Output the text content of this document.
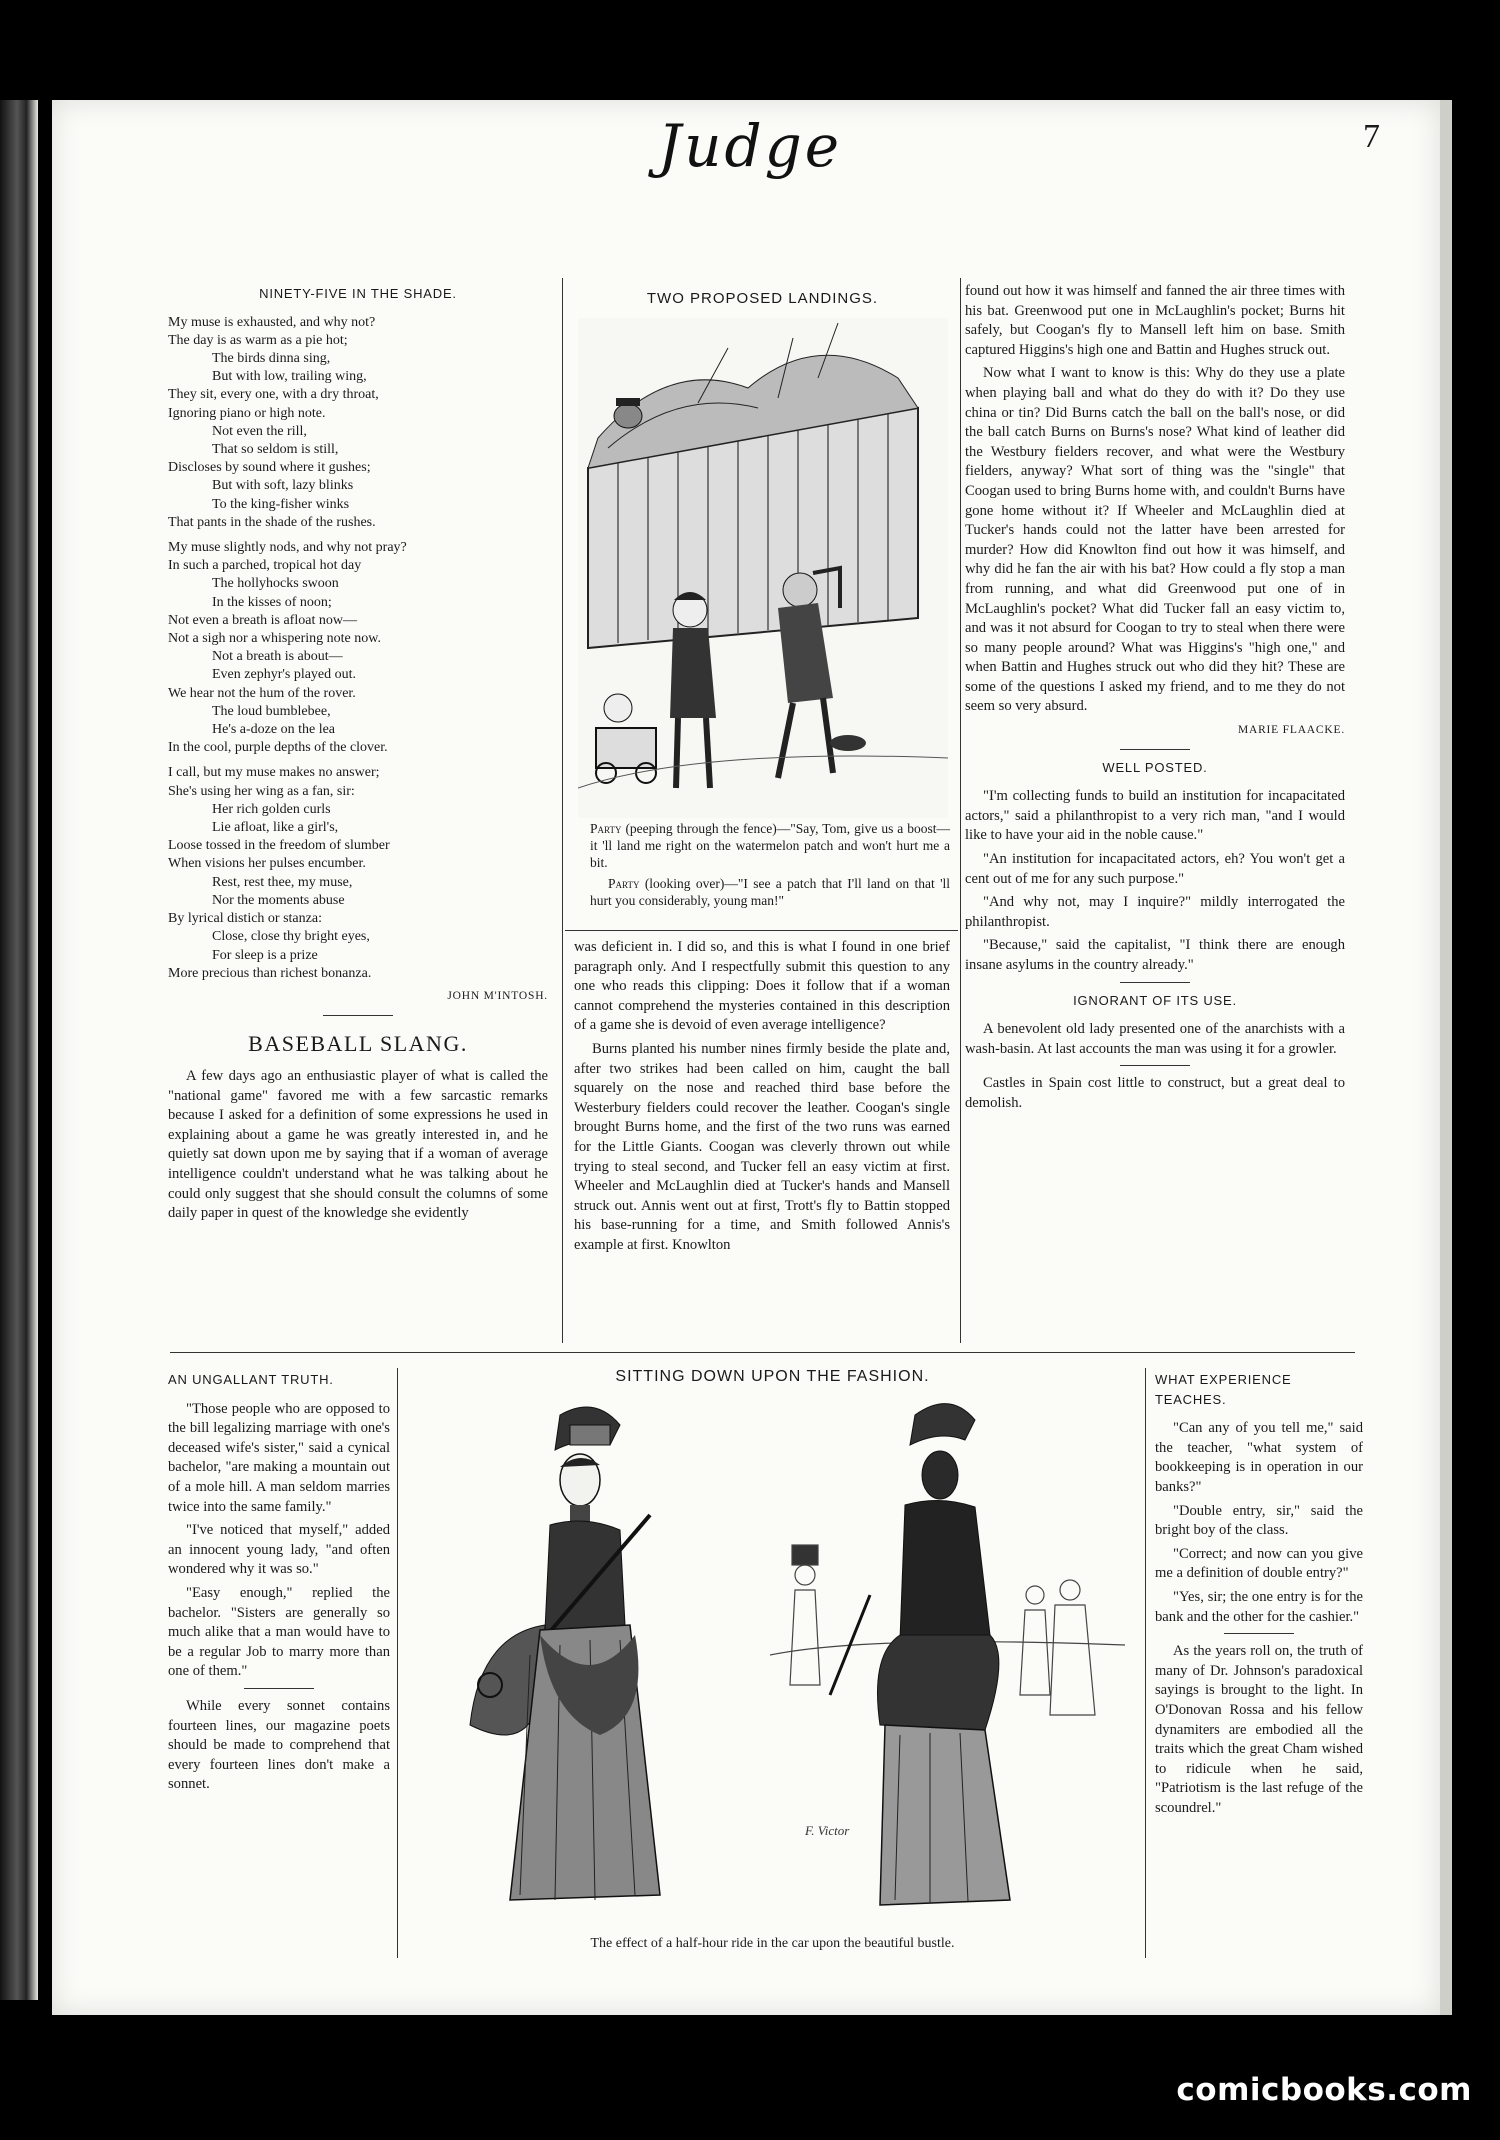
Judge	7
NINETY-FIVE IN THE SHADE.
My muse is exhausted, and why not?
The day is as warm as a pie hot;
The birds dinna sing,
But with low, trailing wing,
They sit, every one, with a dry throat,
Ignoring piano or high note.
Not even the rill,
That so seldom is still,
Discloses by sound where it gushes;
But with soft, lazy blinks
To the king-fisher winks
That pants in the shade of the rushes.
My muse slightly nods, and why not pray?
In such a parched, tropical hot day
The hollyhocks swoon
In the kisses of noon;
Not even a breath is afloat now—
Not a sigh nor a whispering note now.
Not a breath is about—
Even zephyr's played out.
We hear not the hum of the rover.
The loud bumblebee,
He's a-doze on the lea
In the cool, purple depths of the clover.
I call, but my muse makes no answer;
She's using her wing as a fan, sir:
Her rich golden curls
Lie afloat, like a girl's,
Loose tossed in the freedom of slumber
When visions her pulses encumber.
Rest, rest thee, my muse,
Nor the moments abuse
By lyrical distich or stanza:
Close, close thy bright eyes,
For sleep is a prize
More precious than richest bonanza.
JOHN M'INTOSH.
BASEBALL SLANG.

A few days ago an enthusiastic player of what is called the "national game" favored me with a few sarcastic remarks because I asked for a definition of some expressions he used in explaining about a game he was greatly interested in, and he quietly sat down upon me by saying that if a woman of average intelligence couldn't understand what he was talking about he could only suggest that she should consult the columns of some daily paper in quest of the knowledge she evidently

TWO PROPOSED LANDINGS.

Party (peeping through the fence)—"Say, Tom, give us a boost—it 'll land me right on the watermelon patch and won't hurt me a bit.

Party (looking over)—"I see a patch that I'll land on that 'll hurt you considerably, young man!"

was deficient in. I did so, and this is what I found in one brief paragraph only. And I respectfully submit this question to any one who reads this clipping: Does it follow that if a woman cannot comprehend the mysteries contained in this description of a game she is devoid of even average intelligence?

Burns planted his number nines firmly beside the plate and, after two strikes had been called on him, caught the ball squarely on the nose and reached third base before the Westerbury fielders could recover the leather. Coogan's single brought Burns home, and the first of the two runs was earned for the Little Giants. Coogan was cleverly thrown out while trying to steal second, and Tucker fell an easy victim at first. Wheeler and McLaughlin died at Tucker's hands and Mansell struck out. Annis went out at first, Trott's fly to Battin stopped his base-running for a time, and Smith followed Annis's example at first. Knowlton

found out how it was himself and fanned the air three times with his bat. Greenwood put one in McLaughlin's pocket; Burns hit safely, but Coogan's fly to Mansell left him on base. Smith captured Higgins's high one and Battin and Hughes struck out.

Now what I want to know is this: Why do they use a plate when playing ball and what do they do with it? Do they use china or tin? Did Burns catch the ball on the ball's nose, or did the ball catch Burns on Burns's nose? What kind of leather did the Westbury fielders recover, and what were the Westbury fielders, anyway? What sort of thing was the "single" that Coogan used to bring Burns home with, and couldn't Burns have gone home without it? If Wheeler and McLaughlin died at Tucker's hands could not the latter have been arrested for murder? How did Knowlton find out how it was himself, and why did he fan the air with his bat? How could a fly stop a man from running, and what did Greenwood put one of in McLaughlin's pocket? What did Tucker fall an easy victim to, and was it not absurd for Coogan to try to steal when there were so many people around? What was Higgins's "high one," and when Battin and Hughes struck out who did they hit? These are some of the questions I asked my friend, and to me they do not seem so very absurd.

MARIE FLAACKE.
WELL POSTED.

"I'm collecting funds to build an institution for incapacitated actors," said a philanthropist to a very rich man, "and I would like to have your aid in the noble cause."

"An institution for incapacitated actors, eh? You won't get a cent out of me for any such purpose."

"And why not, may I inquire?" mildly interrogated the philanthropist.

"Because," said the capitalist, "I think there are enough insane asylums in the country already."

IGNORANT OF ITS USE.

A benevolent old lady presented one of the anarchists with a wash-basin. At last accounts the man was using it for a growler.

Castles in Spain cost little to construct, but a great deal to demolish.

AN UNGALLANT TRUTH.

"Those people who are opposed to the bill legalizing marriage with one's deceased wife's sister," said a cynical bachelor, "are making a mountain out of a mole hill. A man seldom marries twice into the same family."

"I've noticed that myself," added an innocent young lady, "and often wondered why it was so."

"Easy enough," replied the bachelor. "Sisters are generally so much alike that a man would have to be a regular Job to marry more than one of them."

While every sonnet contains fourteen lines, our magazine poets should be made to comprehend that every fourteen lines don't make a sonnet.

SITTING DOWN UPON THE FASHION.
F. Victor
The effect of a half-hour ride in the car upon the beautiful bustle.
WHAT EXPERIENCE TEACHES.

"Can any of you tell me," said the teacher, "what system of bookkeeping is in operation in our banks?"

"Double entry, sir," said the bright boy of the class.

"Correct; and now can you give me a definition of double entry?"

"Yes, sir; the one entry is for the bank and the other for the cashier."

As the years roll on, the truth of many of Dr. Johnson's paradoxical sayings is brought to the light. In O'Donovan Rossa and his fellow dynamiters are embodied all the traits which the great Cham wished to ridicule when he said, "Patriotism is the last refuge of the scoundrel."

comicbooks.com
